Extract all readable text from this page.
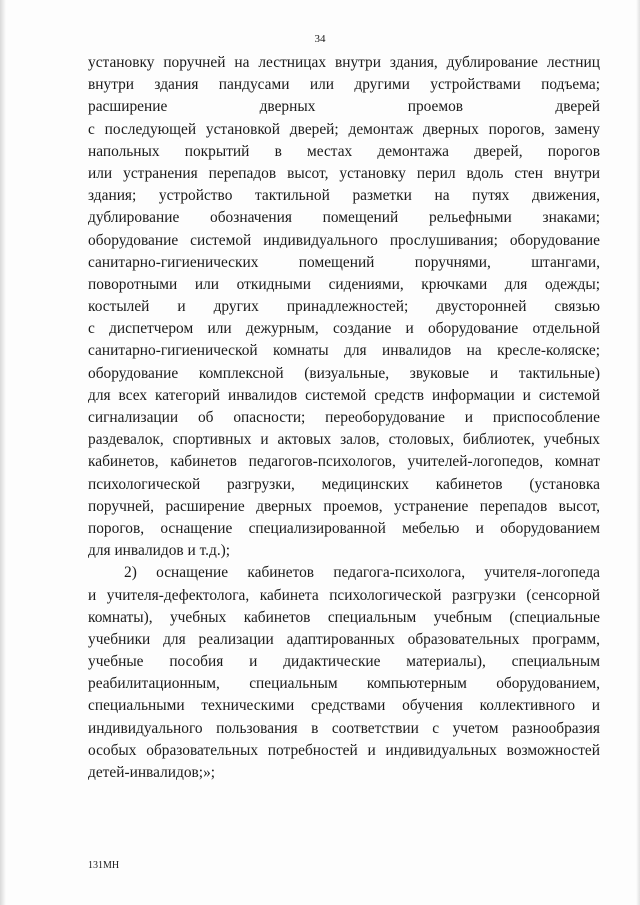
34
установку поручней на лестницах внутри здания, дублирование лестниц
внутри здания пандусами или другими устройствами подъема;
расширение дверных проемов дверей
с последующей установкой дверей; демонтаж дверных порогов, замену
напольных покрытий в местах демонтажа дверей, порогов
или устранения перепадов высот, установку перил вдоль стен внутри
здания; устройство тактильной разметки на путях движения,
дублирование обозначения помещений рельефными знаками;
оборудование системой индивидуального прослушивания; оборудование
санитарно-гигиенических помещений поручнями, штангами,
поворотными или откидными сидениями, крючками для одежды;
костылей и других принадлежностей; двусторонней связью
с диспетчером или дежурным, создание и оборудование отдельной
санитарно-гигиенической комнаты для инвалидов на кресле-коляске;
оборудование комплексной (визуальные, звуковые и тактильные)
для всех категорий инвалидов системой средств информации и системой
сигнализации об опасности; переоборудование и приспособление
раздевалок, спортивных и актовых залов, столовых, библиотек, учебных
кабинетов, кабинетов педагогов-психологов, учителей-логопедов, комнат
психологической разгрузки, медицинских кабинетов (установка
поручней, расширение дверных проемов, устранение перепадов высот,
порогов, оснащение специализированной мебелью и оборудованием
для инвалидов и т.д.);
2) оснащение кабинетов педагога-психолога, учителя-логопеда
и учителя-дефектолога, кабинета психологической разгрузки (сенсорной
комнаты), учебных кабинетов специальным учебным (специальные
учебники для реализации адаптированных образовательных программ,
учебные пособия и дидактические материалы), специальным
реабилитационным, специальным компьютерным оборудованием,
специальными техническими средствами обучения коллективного и
индивидуального пользования в соответствии с учетом разнообразия
особых образовательных потребностей и индивидуальных возможностей
детей-инвалидов;»;
131МН
